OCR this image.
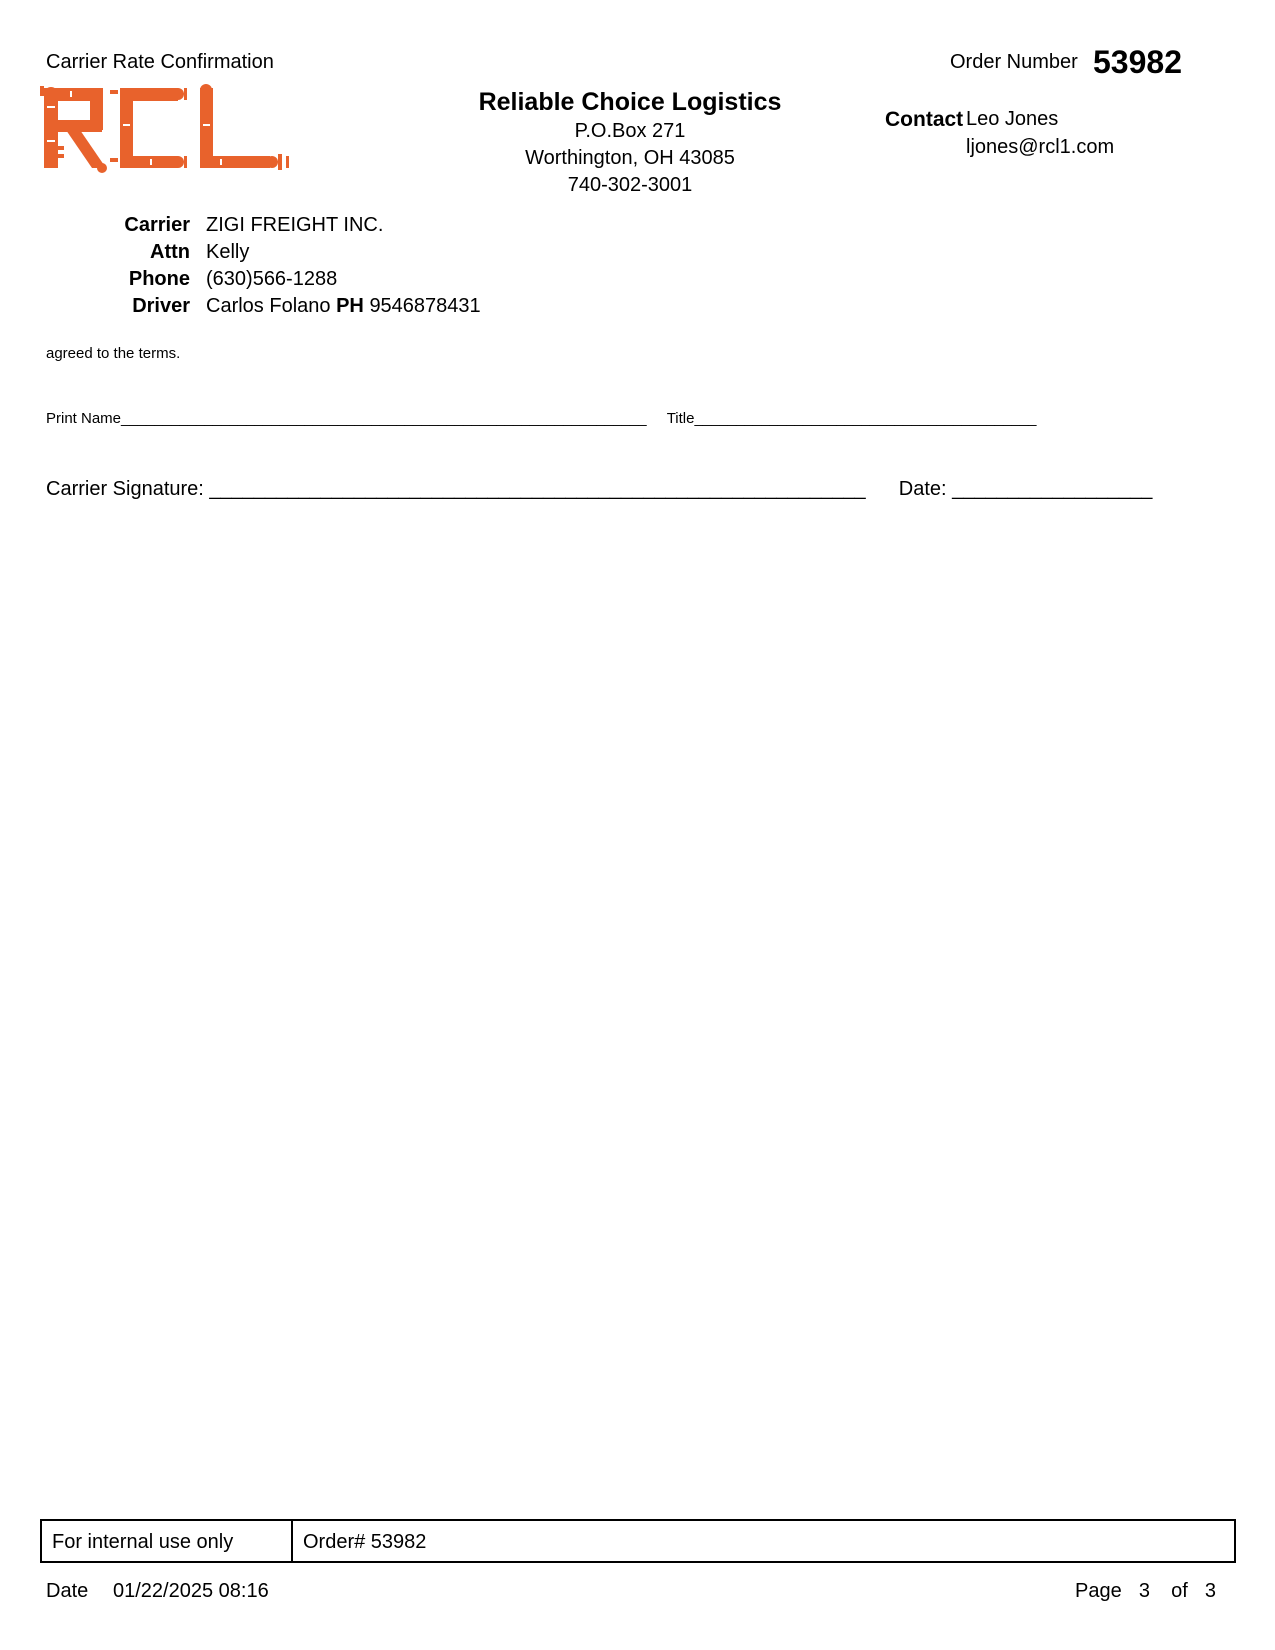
Carrier Rate Confirmation	Order Number 53982
Reliable Choice Logistics
P.O.Box 271
Worthington, OH 43085
740-302-3001
Contact Leo Jones
ljones@rcl1.com
Carrier ZIGI FREIGHT INC.
Attn Kelly
Phone (630)566-1288
Driver Carlos Folano PH 9546878431
agreed to the terms.
Print Name_______________________________________________________________ Title_________________________________________
Carrier Signature: ___________________________________________________________ Date: __________________
For internal use only	Order# 53982
Date 01/22/2025 08:16	Page 3 of 3
